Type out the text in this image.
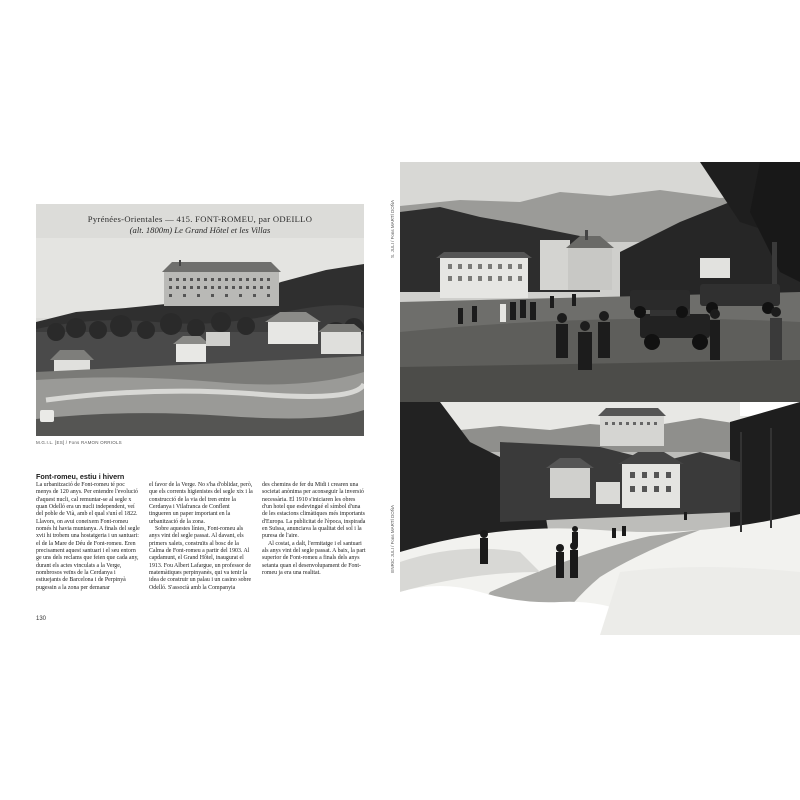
Pyrénées-Orientales — 415. FONT-ROMEU, par ODEILLO
(alt. 1800m) Le Grand Hôtel et les Villas
M.G.I.L. [ES] / Fons RAMON ORRIOLS
Font-romeu, estiu i hivern

La urbanització de Font-romeu té poc menys de 120 anys. Per entendre l'evolució d'aquest nucli, cal remuntar-se al segle x quan Odelló era un nucli independent, veí del poble de Vià, amb el qual s'uní el 1822. Llavors, on avui coneixem Font-romeu només hi havia muntanya. A finals del segle xvii hi trobem una hostatgeria i un santuari: el de la Mare de Déu de Font-romeu. Eren precisament aquest santuari i el seu entorn ge uns dels reclams que feien que cada any, durant els actes vinculats a la Verge, nombrosos veïns de la Cerdanya i estiuejants de Barcelona i de Perpinyà pugessin a la zona per demanar

el favor de la Verge. No s'ha d'oblidar, però, que els corrents higienistes del segle xix i la construcció de la via del tren entre la Cerdanya i Vilafranca de Conflent tingueren un paper important en la urbanització de la zona.

Sobre aquestes línies, Font-romeu als anys vint del segle passat. Al davant, els primers xalets, construïts al bosc de la Calma de Font-romeu a partir del 1903. Al capdamunt, el Grand Hôtel, inaugurat el 1913. Fou Albert Lafargue, un professor de matemàtiques perpinyanès, qui va tenir la idea de construir un palau i un casino sobre Odelló. S'associà amb la Companyia

des chemins de fer du Midi i crearen una societat anònima per aconseguir la inversió necessària. El 1910 s'iniciaren les obres d'un hotel que esdevingué el símbol d'una de les estacions climàtiques més importants d'Europa. La publicitat de l'època, inspirada en Suïssa, anunciava la qualitat del sol i la puresa de l'aire.

Al costat, a dalt, l'ermitatge i el santuari als anys vint del segle passat. A baix, la part superior de Font-romeu a finals dels anys setanta quan el desenvolupament de Font-romeu ja era una realitat.

130
S. JULI / Fons MARTÍ DOÑA
ENRIC JULI / Fons MARTÍ DOÑA
